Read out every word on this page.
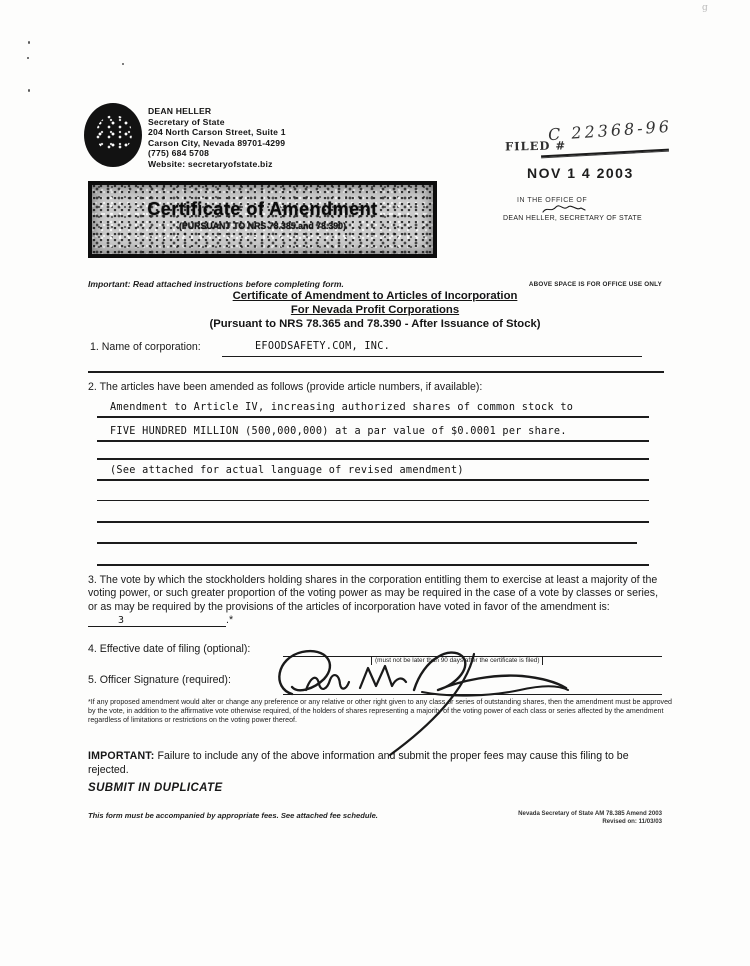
g
DEAN HELLER
Secretary of State
204 North Carson Street, Suite 1
Carson City, Nevada 89701-4299
(775) 684 5708
Website: secretaryofstate.biz
FILED #
C 22368-96
NOV 1 4 2003
IN THE OFFICE OF
DEAN HELLER, SECRETARY OF STATE
Certificate of Amendment
(PURSUANT TO NRS 78.385 and 78.390)
Important: Read attached instructions before completing form.	ABOVE SPACE IS FOR OFFICE USE ONLY
Certificate of Amendment to Articles of Incorporation
For Nevada Profit Corporations
(Pursuant to NRS 78.365 and 78.390 - After Issuance of Stock)
1. Name of corporation:	EFOODSAFETY.COM, INC.
2. The articles have been amended as follows (provide article numbers, if available):
Amendment to Article IV, increasing authorized shares of common stock to
FIVE HUNDRED MILLION (500,000,000) at a par value of $0.0001 per share.
(See attached for actual language of revised amendment)

3. The vote by which the stockholders holding shares in the corporation entitling them to exercise at least a majority of the voting power, or such greater proportion of the voting power as may be required in the case of a vote by classes or series, or as may be required by the provisions of the articles of incorporation have voted in favor of the amendment is:3	.*

4. Effective date of filing (optional):
(must not be later than 90 days after the certificate is filed)
5. Officer Signature (required):

*If any proposed amendment would alter or change any preference or any relative or other right given to any class or series of outstanding shares, then the amendment must be approved by the vote, in addition to the affirmative vote otherwise required, of the holders of shares representing a majority of the voting power of each class or series affected by the amendment regardless of limitations or restrictions on the voting power thereof.

IMPORTANT: Failure to include any of the above information and submit the proper fees may cause this filing to be rejected.

SUBMIT IN DUPLICATE
This form must be accompanied by appropriate fees. See attached fee schedule.	Nevada Secretary of State AM 78.385 Amend 2003
Revised on: 11/03/03
